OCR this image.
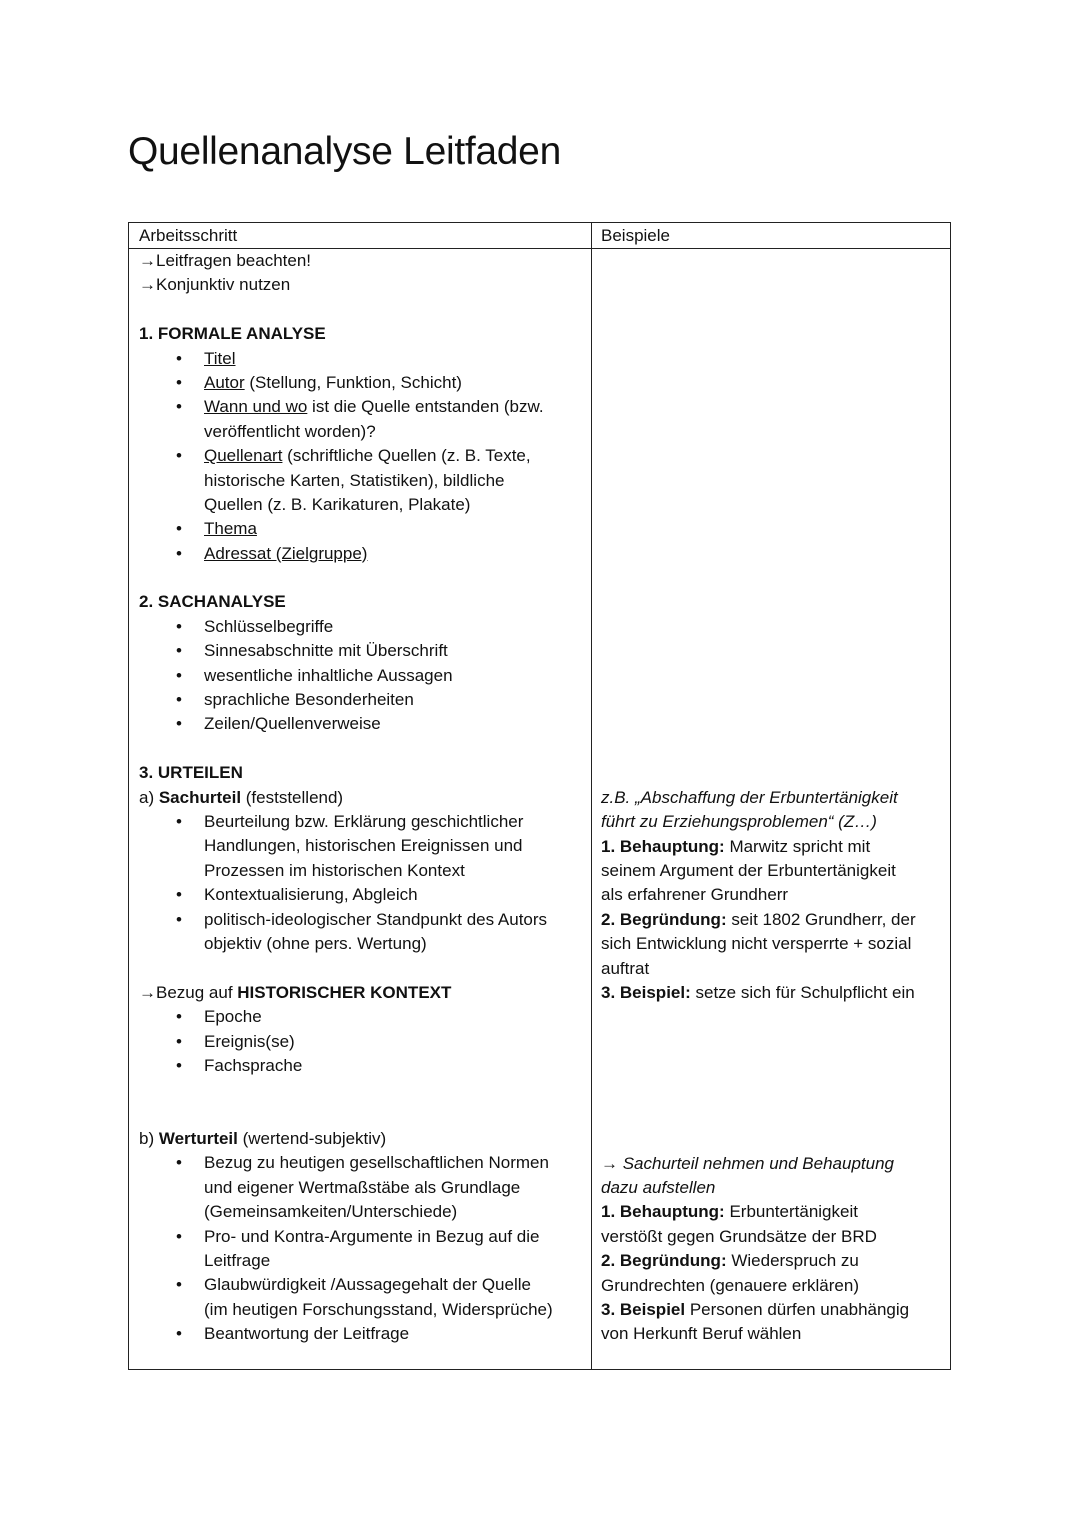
Quellenanalyse Leitfaden
Arbeitsschritt	Beispiele
→Leitfragen beachten!
→Konjunktiv nutzen
1. FORMALE ANALYSE
• Titel
• Autor (Stellung, Funktion, Schicht)
• Wann und wo ist die Quelle entstanden (bzw.
veröffentlicht worden)?
• Quellenart (schriftliche Quellen (z. B. Texte,
historische Karten, Statistiken), bildliche
Quellen (z. B. Karikaturen, Plakate)
• Thema
• Adressat (Zielgruppe)
2. SACHANALYSE
• Schlüsselbegriffe
• Sinnesabschnitte mit Überschrift
• wesentliche inhaltliche Aussagen
• sprachliche Besonderheiten
• Zeilen/Quellenverweise
3. URTEILEN
a) Sachurteil (feststellend)
• Beurteilung bzw. Erklärung geschichtlicher
Handlungen, historischen Ereignissen und
Prozessen im historischen Kontext
• Kontextualisierung, Abgleich
• politisch-ideologischer Standpunkt des Autors
objektiv (ohne pers. Wertung)
→Bezug auf HISTORISCHER KONTEXT
• Epoche
• Ereignis(se)
• Fachsprache
b) Werturteil (wertend-subjektiv)
• Bezug zu heutigen gesellschaftlichen Normen
und eigener Wertmaßstäbe als Grundlage
(Gemeinsamkeiten/Unterschiede)
• Pro- und Kontra-Argumente in Bezug auf die
Leitfrage
• Glaubwürdigkeit /Aussagegehalt der Quelle
(im heutigen Forschungsstand, Widersprüche)
• Beantwortung der Leitfrage
z.B. „Abschaffung der Erbuntertänigkeit
führt zu Erziehungsproblemen“ (Z…)
1. Behauptung: Marwitz spricht mit
seinem Argument der Erbuntertänigkeit
als erfahrener Grundherr
2. Begründung: seit 1802 Grundherr, der
sich Entwicklung nicht versperrte + sozial
auftrat
3. Beispiel: setze sich für Schulpflicht ein
→ Sachurteil nehmen und Behauptung
dazu aufstellen
1. Behauptung: Erbuntertänigkeit
verstößt gegen Grundsätze der BRD
2. Begründung: Wiederspruch zu
Grundrechten (genauere erklären)
3. Beispiel Personen dürfen unabhängig
von Herkunft Beruf wählen
